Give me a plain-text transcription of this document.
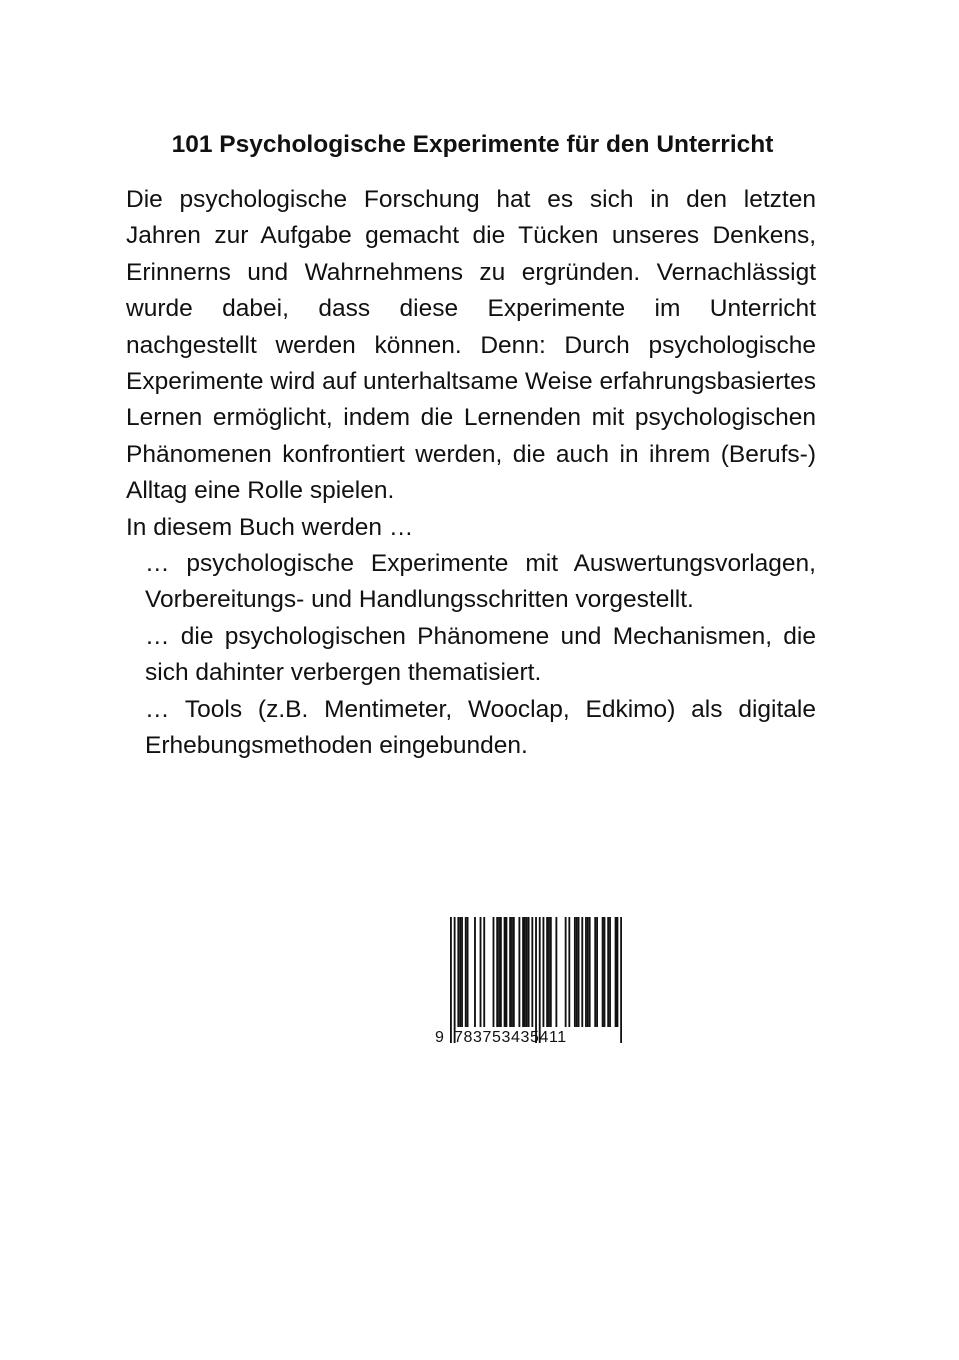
101 Psychologische Experimente für den Unterricht

Die psychologische Forschung hat es sich in den letzten Jahren zur Aufgabe gemacht die Tücken unseres Denkens, Erinnerns und Wahrnehmens zu ergründen. Vernachlässigt wurde dabei, dass diese Experimente im Unterricht nachgestellt werden können. Denn: Durch psychologische Experimente wird auf unterhaltsame Weise erfahrungsbasiertes Lernen ermöglicht, indem die Lernenden mit psychologischen Phänomenen konfrontiert werden, die auch in ihrem (Berufs-) Alltag eine Rolle spielen.

In diesem Buch werden …

… psychologische Experimente mit Auswertungsvorlagen, Vorbereitungs- und Handlungsschritten vorgestellt.
… die psychologischen Phänomene und Mechanismen, die sich dahinter verbergen thematisiert.
… Tools (z.B. Mentimeter, Wooclap, Edkimo) als digitale Erhebungsmethoden eingebunden.
9 783753435411
